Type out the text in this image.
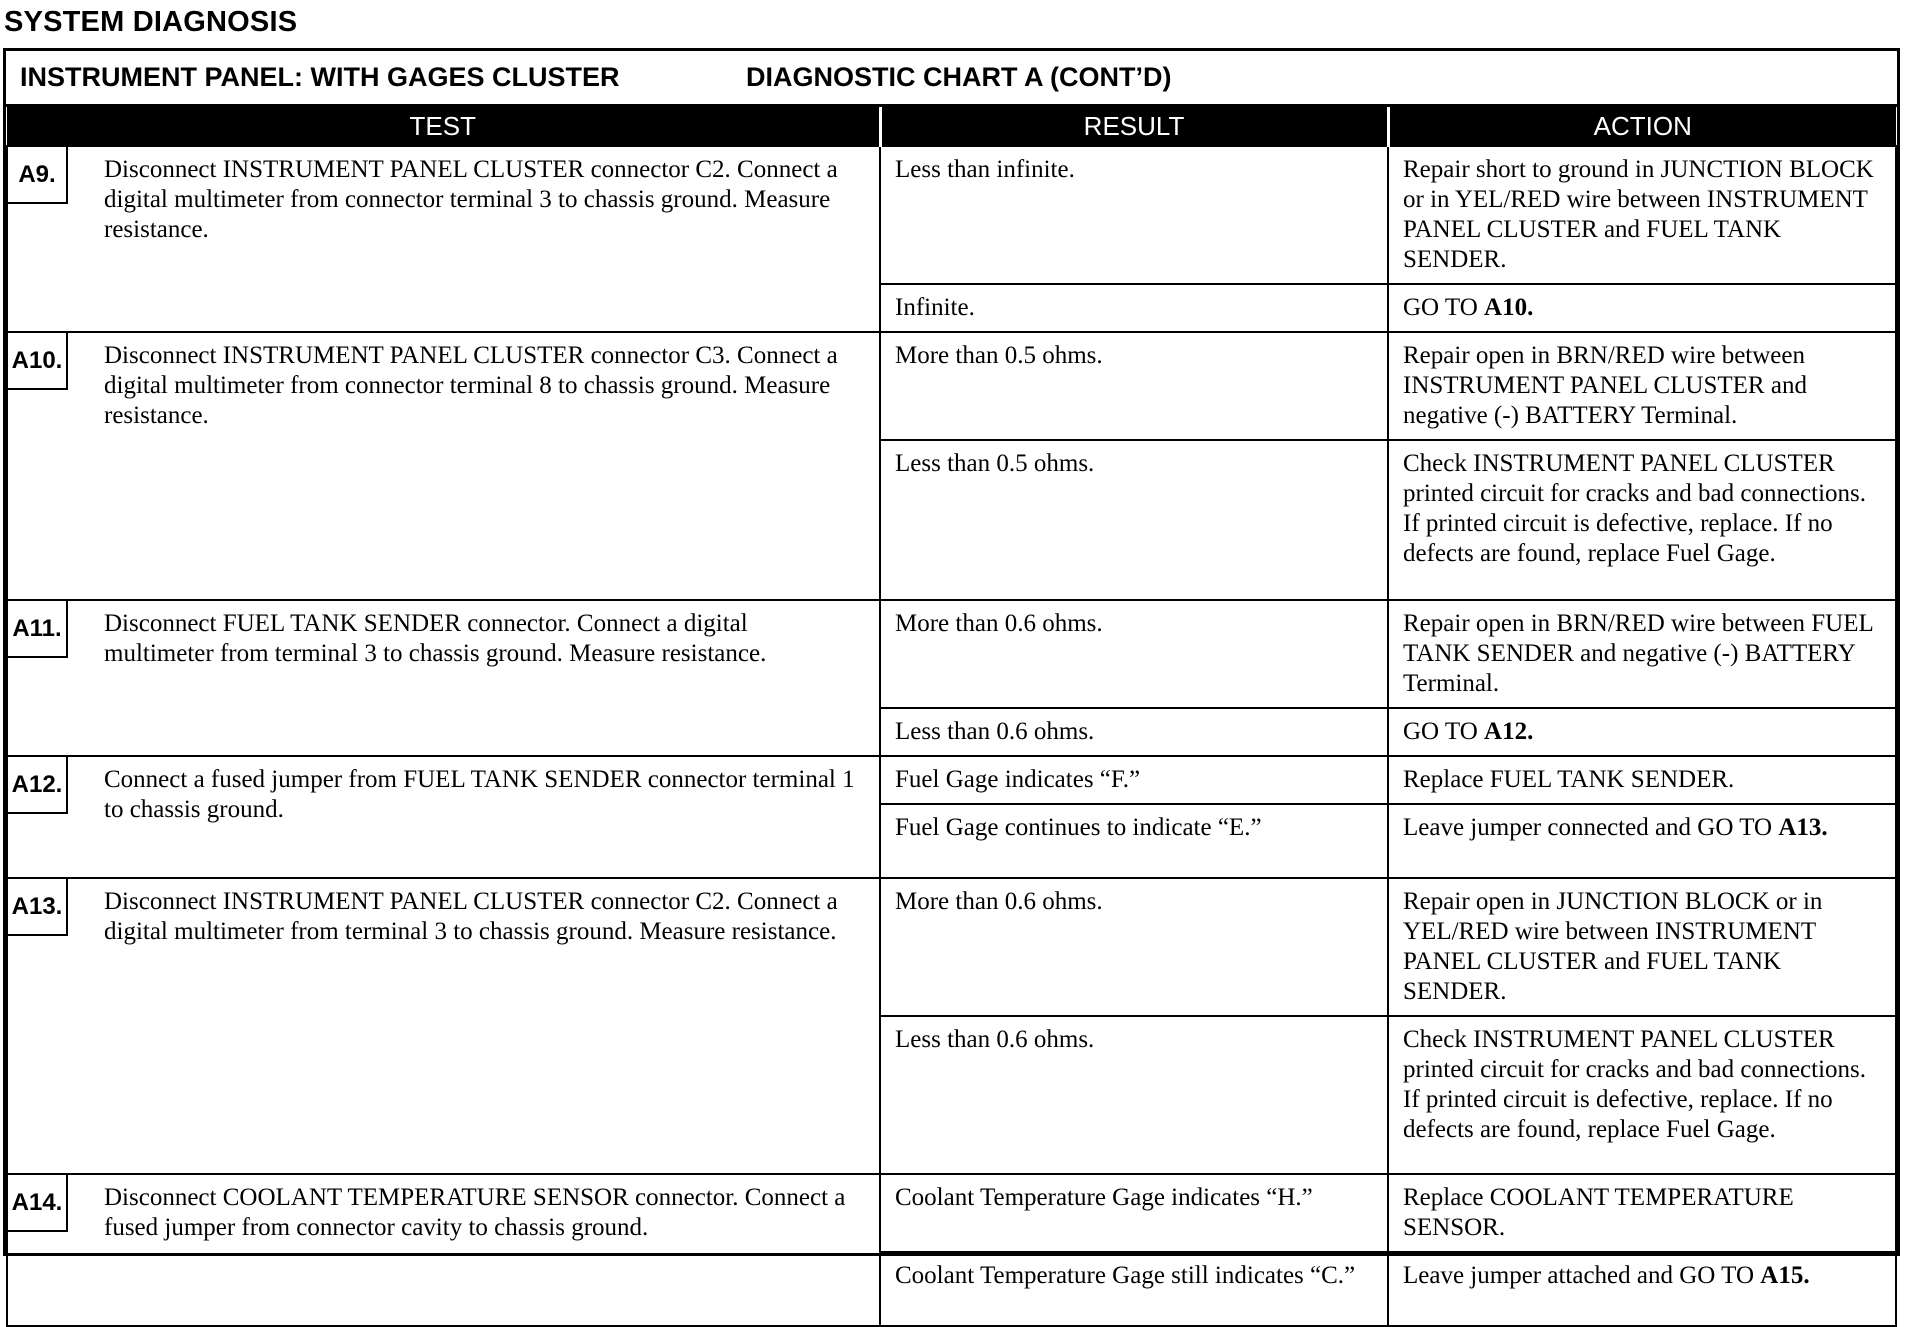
SYSTEM DIAGNOSIS
INSTRUMENT PANEL: WITH GAGES CLUSTER	DIAGNOSTIC CHART A (CONT’D)
TEST	RESULT	ACTION

A9. Disconnect INSTRUMENT PANEL CLUSTER connector C2. Connect a digital multimeter from connector terminal 3 to chassis ground. Measure resistance.	Less than infinite.	Repair short to ground in JUNCTION BLOCK or in YEL/RED wire between INSTRUMENT PANEL CLUSTER and FUEL TANK SENDER.
	Infinite.	GO TO A10.

A10. Disconnect INSTRUMENT PANEL CLUSTER connector C3. Connect a digital multimeter from connector terminal 8 to chassis ground. Measure resistance.	More than 0.5 ohms.	Repair open in BRN/RED wire between INSTRUMENT PANEL CLUSTER and negative (-) BATTERY Terminal.
	Less than 0.5 ohms.	Check INSTRUMENT PANEL CLUSTER printed circuit for cracks and bad connections. If printed circuit is defective, replace. If no defects are found, replace Fuel Gage.

A11. Disconnect FUEL TANK SENDER connector. Connect a digital multimeter from terminal 3 to chassis ground. Measure resistance.	More than 0.6 ohms.	Repair open in BRN/RED wire between FUEL TANK SENDER and negative (-) BATTERY Terminal.
	Less than 0.6 ohms.	GO TO A12.

A12. Connect a fused jumper from FUEL TANK SENDER connector terminal 1 to chassis ground.	Fuel Gage indicates “F.”	Replace FUEL TANK SENDER.
	Fuel Gage continues to indicate “E.”	Leave jumper connected and GO TO A13.

A13. Disconnect INSTRUMENT PANEL CLUSTER connector C2. Connect a digital multimeter from terminal 3 to chassis ground. Measure resistance.	More than 0.6 ohms.	Repair open in JUNCTION BLOCK or in YEL/RED wire between INSTRUMENT PANEL CLUSTER and FUEL TANK SENDER.
	Less than 0.6 ohms.	Check INSTRUMENT PANEL CLUSTER printed circuit for cracks and bad connections. If printed circuit is defective, replace. If no defects are found, replace Fuel Gage.

A14. Disconnect COOLANT TEMPERATURE SENSOR connector. Connect a fused jumper from connector cavity to chassis ground.	Coolant Temperature Gage indicates “H.”	Replace COOLANT TEMPERATURE SENSOR.
	Coolant Temperature Gage still indicates “C.”	Leave jumper attached and GO TO A15.
